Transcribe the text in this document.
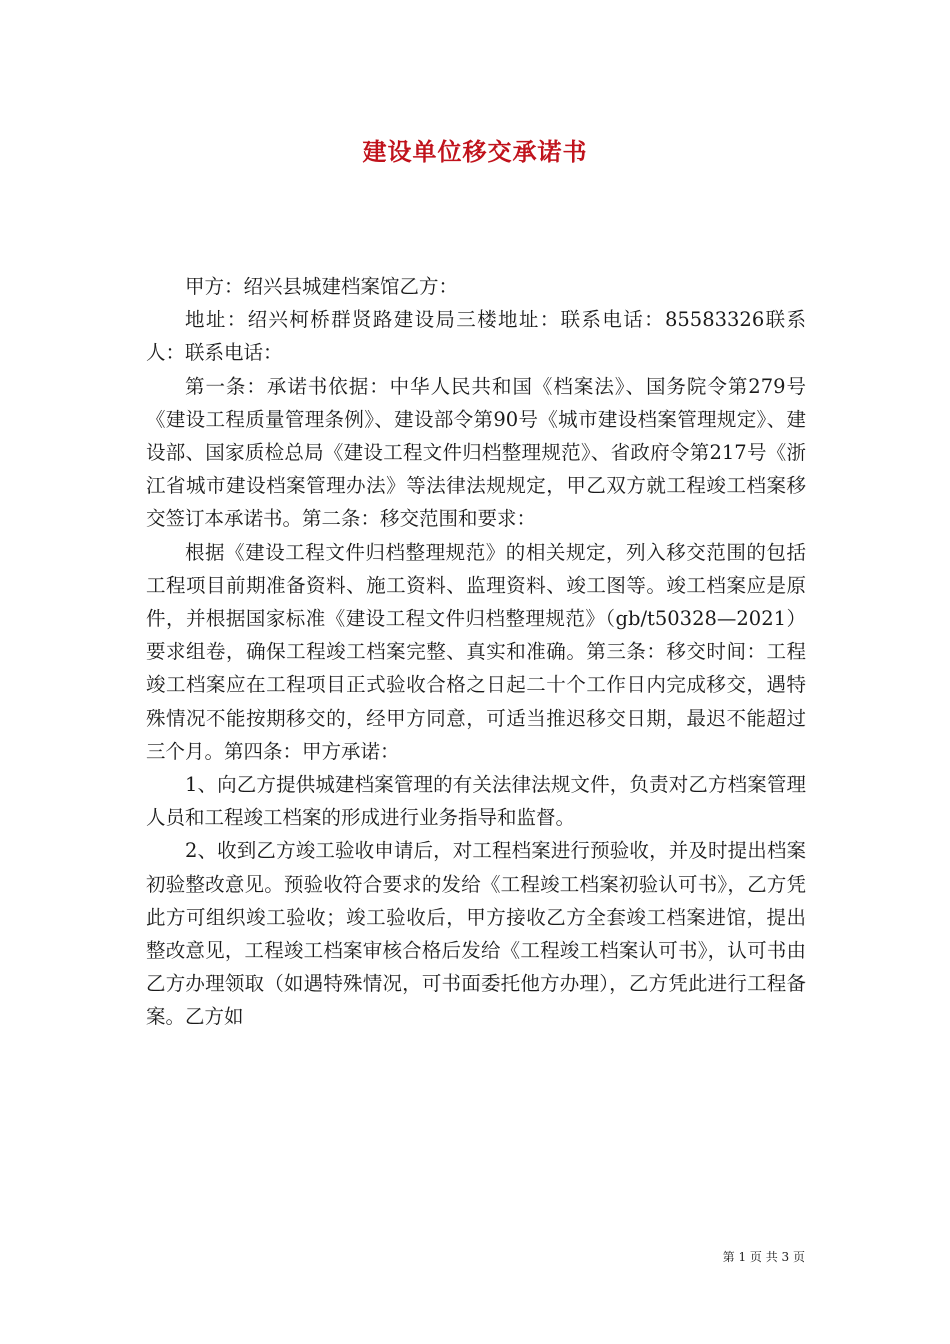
建设单位移交承诺书

甲方：绍兴县城建档案馆乙方：

地址：绍兴柯桥群贤路建设局三楼地址：联系电话：85583326联系人：联系电话：

第一条：承诺书依据：中华人民共和国《档案法》、国务院令第279号《建设工程质量管理条例》、建设部令第90号《城市建设档案管理规定》、建设部、国家质检总局《建设工程文件归档整理规范》、省政府令第217号《浙江省城市建设档案管理办法》等法律法规规定，甲乙双方就工程竣工档案移交签订本承诺书。第二条：移交范围和要求：

根据《建设工程文件归档整理规范》的相关规定，列入移交范围的包括工程项目前期准备资料、施工资料、监理资料、竣工图等。竣工档案应是原件，并根据国家标准《建设工程文件归档整理规范》（gb/t50328—2021）要求组卷，确保工程竣工档案完整、真实和准确。第三条：移交时间：工程竣工档案应在工程项目正式验收合格之日起二十个工作日内完成移交，遇特殊情况不能按期移交的，经甲方同意，可适当推迟移交日期，最迟不能超过三个月。第四条：甲方承诺：

1、向乙方提供城建档案管理的有关法律法规文件，负责对乙方档案管理人员和工程竣工档案的形成进行业务指导和监督。

2、收到乙方竣工验收申请后，对工程档案进行预验收，并及时提出档案初验整改意见。预验收符合要求的发给《工程竣工档案初验认可书》，乙方凭此方可组织竣工验收；竣工验收后，甲方接收乙方全套竣工档案进馆，提出整改意见，工程竣工档案审核合格后发给《工程竣工档案认可书》，认可书由乙方办理领取（如遇特殊情况，可书面委托他方办理），乙方凭此进行工程备案。乙方如

第 1 页 共 3 页
